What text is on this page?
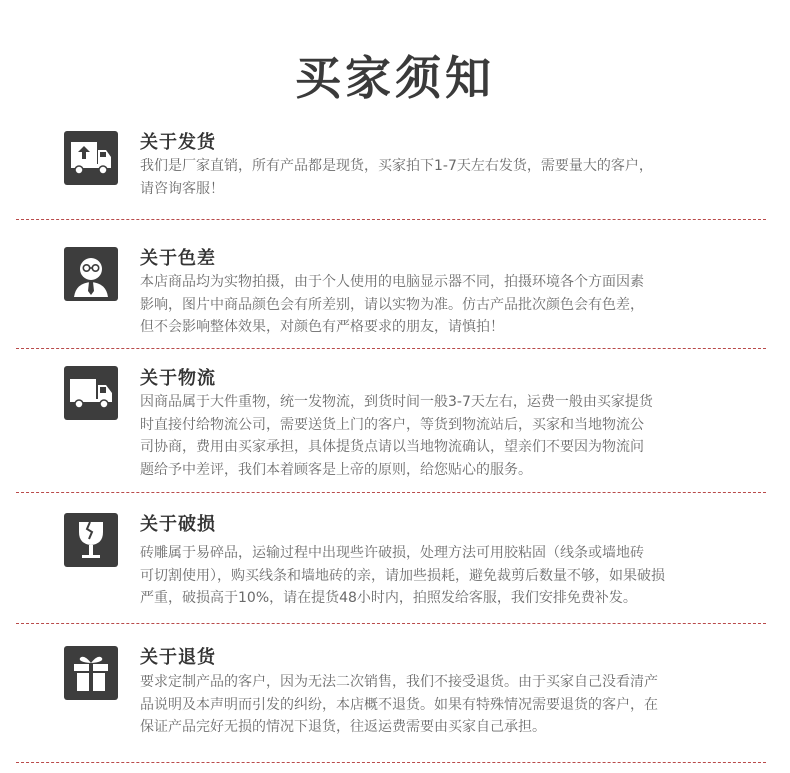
买家须知
关于发货
我们是厂家直销，所有产品都是现货，买家拍下1-7天左右发货，需要量大的客户，
请咨询客服！
关于色差
本店商品均为实物拍摄，由于个人使用的电脑显示器不同，拍摄环境各个方面因素
影响，图片中商品颜色会有所差别，请以实物为准。仿古产品批次颜色会有色差，
但不会影响整体效果，对颜色有严格要求的朋友，请慎拍！
关于物流
因商品属于大件重物，统一发物流，到货时间一般3-7天左右，运费一般由买家提货
时直接付给物流公司，需要送货上门的客户，等货到物流站后，买家和当地物流公
司协商，费用由买家承担，具体提货点请以当地物流确认，望亲们不要因为物流问
题给予中差评，我们本着顾客是上帝的原则，给您贴心的服务。
关于破损
砖雕属于易碎品，运输过程中出现些许破损，处理方法可用胶粘固（线条或墙地砖
可切割使用），购买线条和墙地砖的亲，请加些损耗，避免裁剪后数量不够，如果破损
严重，破损高于10%，请在提货48小时内，拍照发给客服，我们安排免费补发。
关于退货
要求定制产品的客户，因为无法二次销售，我们不接受退货。由于买家自己没看清产
品说明及本声明而引发的纠纷，本店概不退货。如果有特殊情况需要退货的客户，在
保证产品完好无损的情况下退货，往返运费需要由买家自己承担。
